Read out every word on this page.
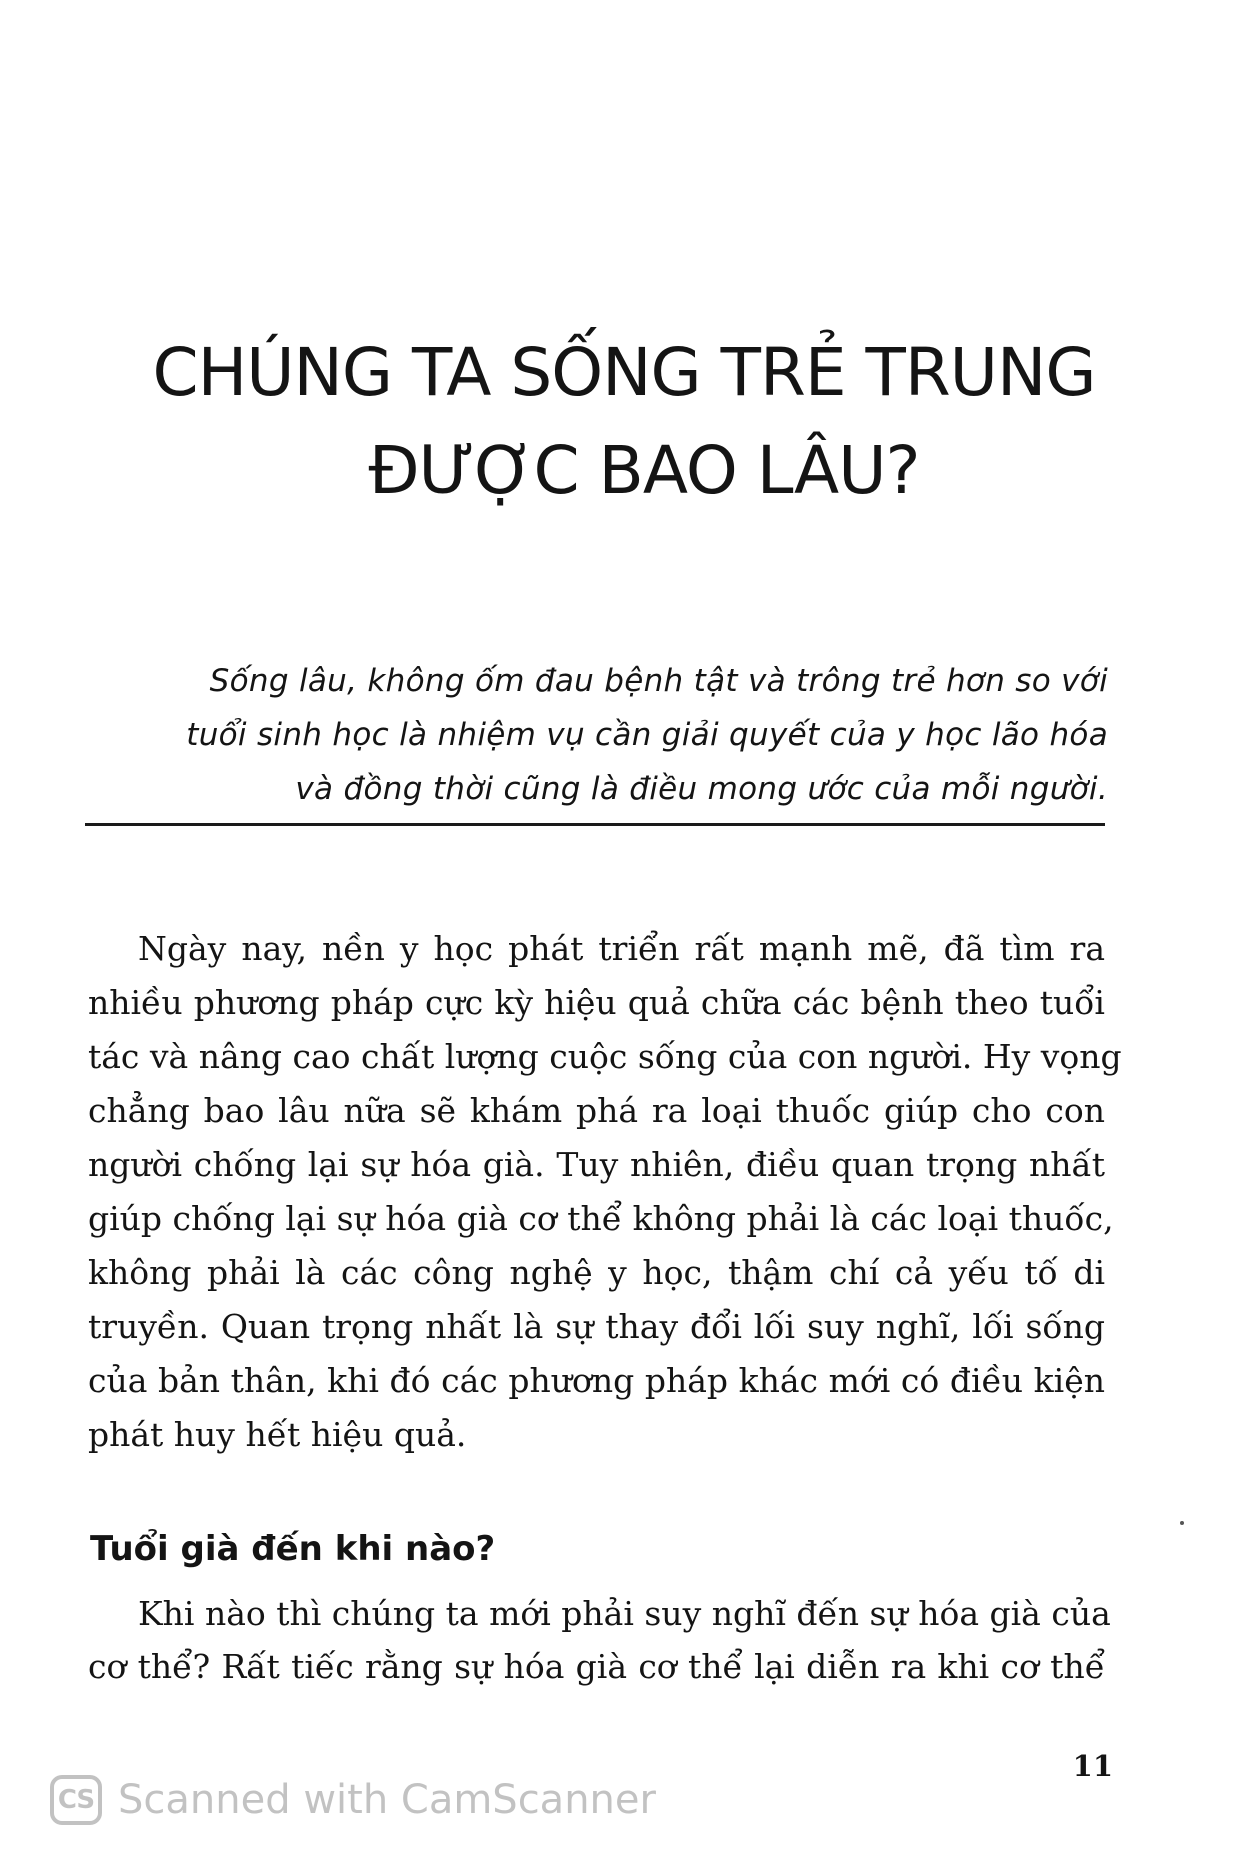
CHÚNG TA SỐNG TRẺ TRUNG
ĐƯỢC BAO LÂU?
Sống lâu, không ốm đau bệnh tật và trông trẻ hơn so với
tuổi sinh học là nhiệm vụ cần giải quyết của y học lão hóa
và đồng thời cũng là điều mong ước của mỗi người.
Ngày nay, nền y học phát triển rất mạnh mẽ, đã tìm ra
nhiều phương pháp cực kỳ hiệu quả chữa các bệnh theo tuổi
tác và nâng cao chất lượng cuộc sống của con người. Hy vọng
chẳng bao lâu nữa sẽ khám phá ra loại thuốc giúp cho con
người chống lại sự hóa già. Tuy nhiên, điều quan trọng nhất
giúp chống lại sự hóa già cơ thể không phải là các loại thuốc,
không phải là các công nghệ y học, thậm chí cả yếu tố di
truyền. Quan trọng nhất là sự thay đổi lối suy nghĩ, lối sống
của bản thân, khi đó các phương pháp khác mới có điều kiện
phát huy hết hiệu quả.
Tuổi già đến khi nào?
Khi nào thì chúng ta mới phải suy nghĩ đến sự hóa già của
cơ thể? Rất tiếc rằng sự hóa già cơ thể lại diễn ra khi cơ thể
11
CS Scanned with CamScanner
